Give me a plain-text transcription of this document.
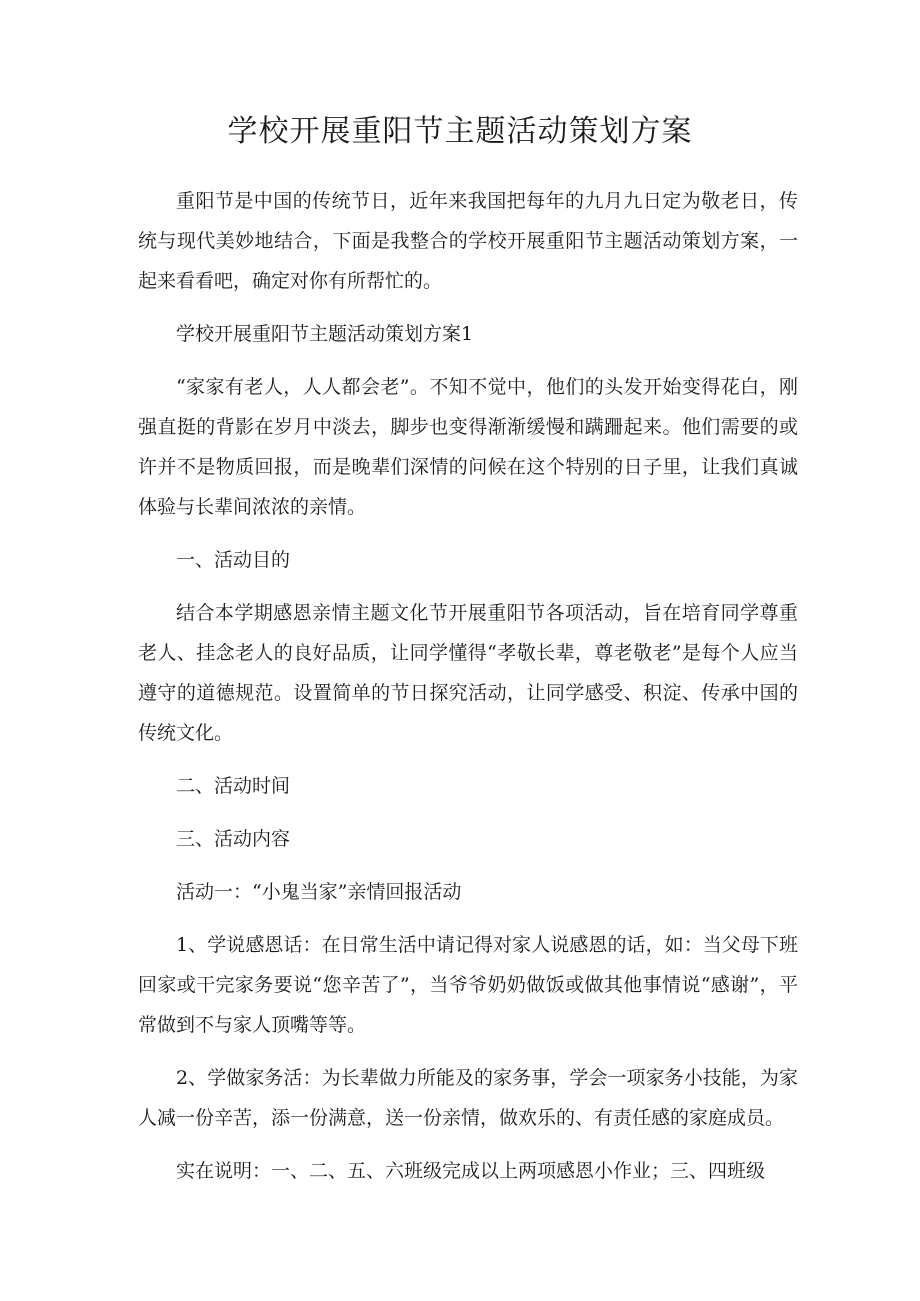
学校开展重阳节主题活动策划方案

重阳节是中国的传统节日，近年来我国把每年的九月九日定为敬老日，传统与现代美妙地结合，下面是我整合的学校开展重阳节主题活动策划方案，一起来看看吧，确定对你有所帮忙的。

学校开展重阳节主题活动策划方案1

“家家有老人，人人都会老”。不知不觉中，他们的头发开始变得花白，刚强直挺的背影在岁月中淡去，脚步也变得渐渐缓慢和蹒跚起来。他们需要的或许并不是物质回报，而是晚辈们深情的问候在这个特别的日子里，让我们真诚体验与长辈间浓浓的亲情。

一、活动目的

结合本学期感恩亲情主题文化节开展重阳节各项活动，旨在培育同学尊重老人、挂念老人的良好品质，让同学懂得“孝敬长辈，尊老敬老”是每个人应当遵守的道德规范。设置简单的节日探究活动，让同学感受、积淀、传承中国的传统文化。

二、活动时间

三、活动内容

活动一：“小鬼当家”亲情回报活动

1、学说感恩话：在日常生活中请记得对家人说感恩的话，如：当父母下班回家或干完家务要说“您辛苦了”，当爷爷奶奶做饭或做其他事情说“感谢”，平常做到不与家人顶嘴等等。

2、学做家务活：为长辈做力所能及的家务事，学会一项家务小技能，为家人减一份辛苦，添一份满意，送一份亲情，做欢乐的、有责任感的家庭成员。

实在说明：一、二、五、六班级完成以上两项感恩小作业；三、四班级
